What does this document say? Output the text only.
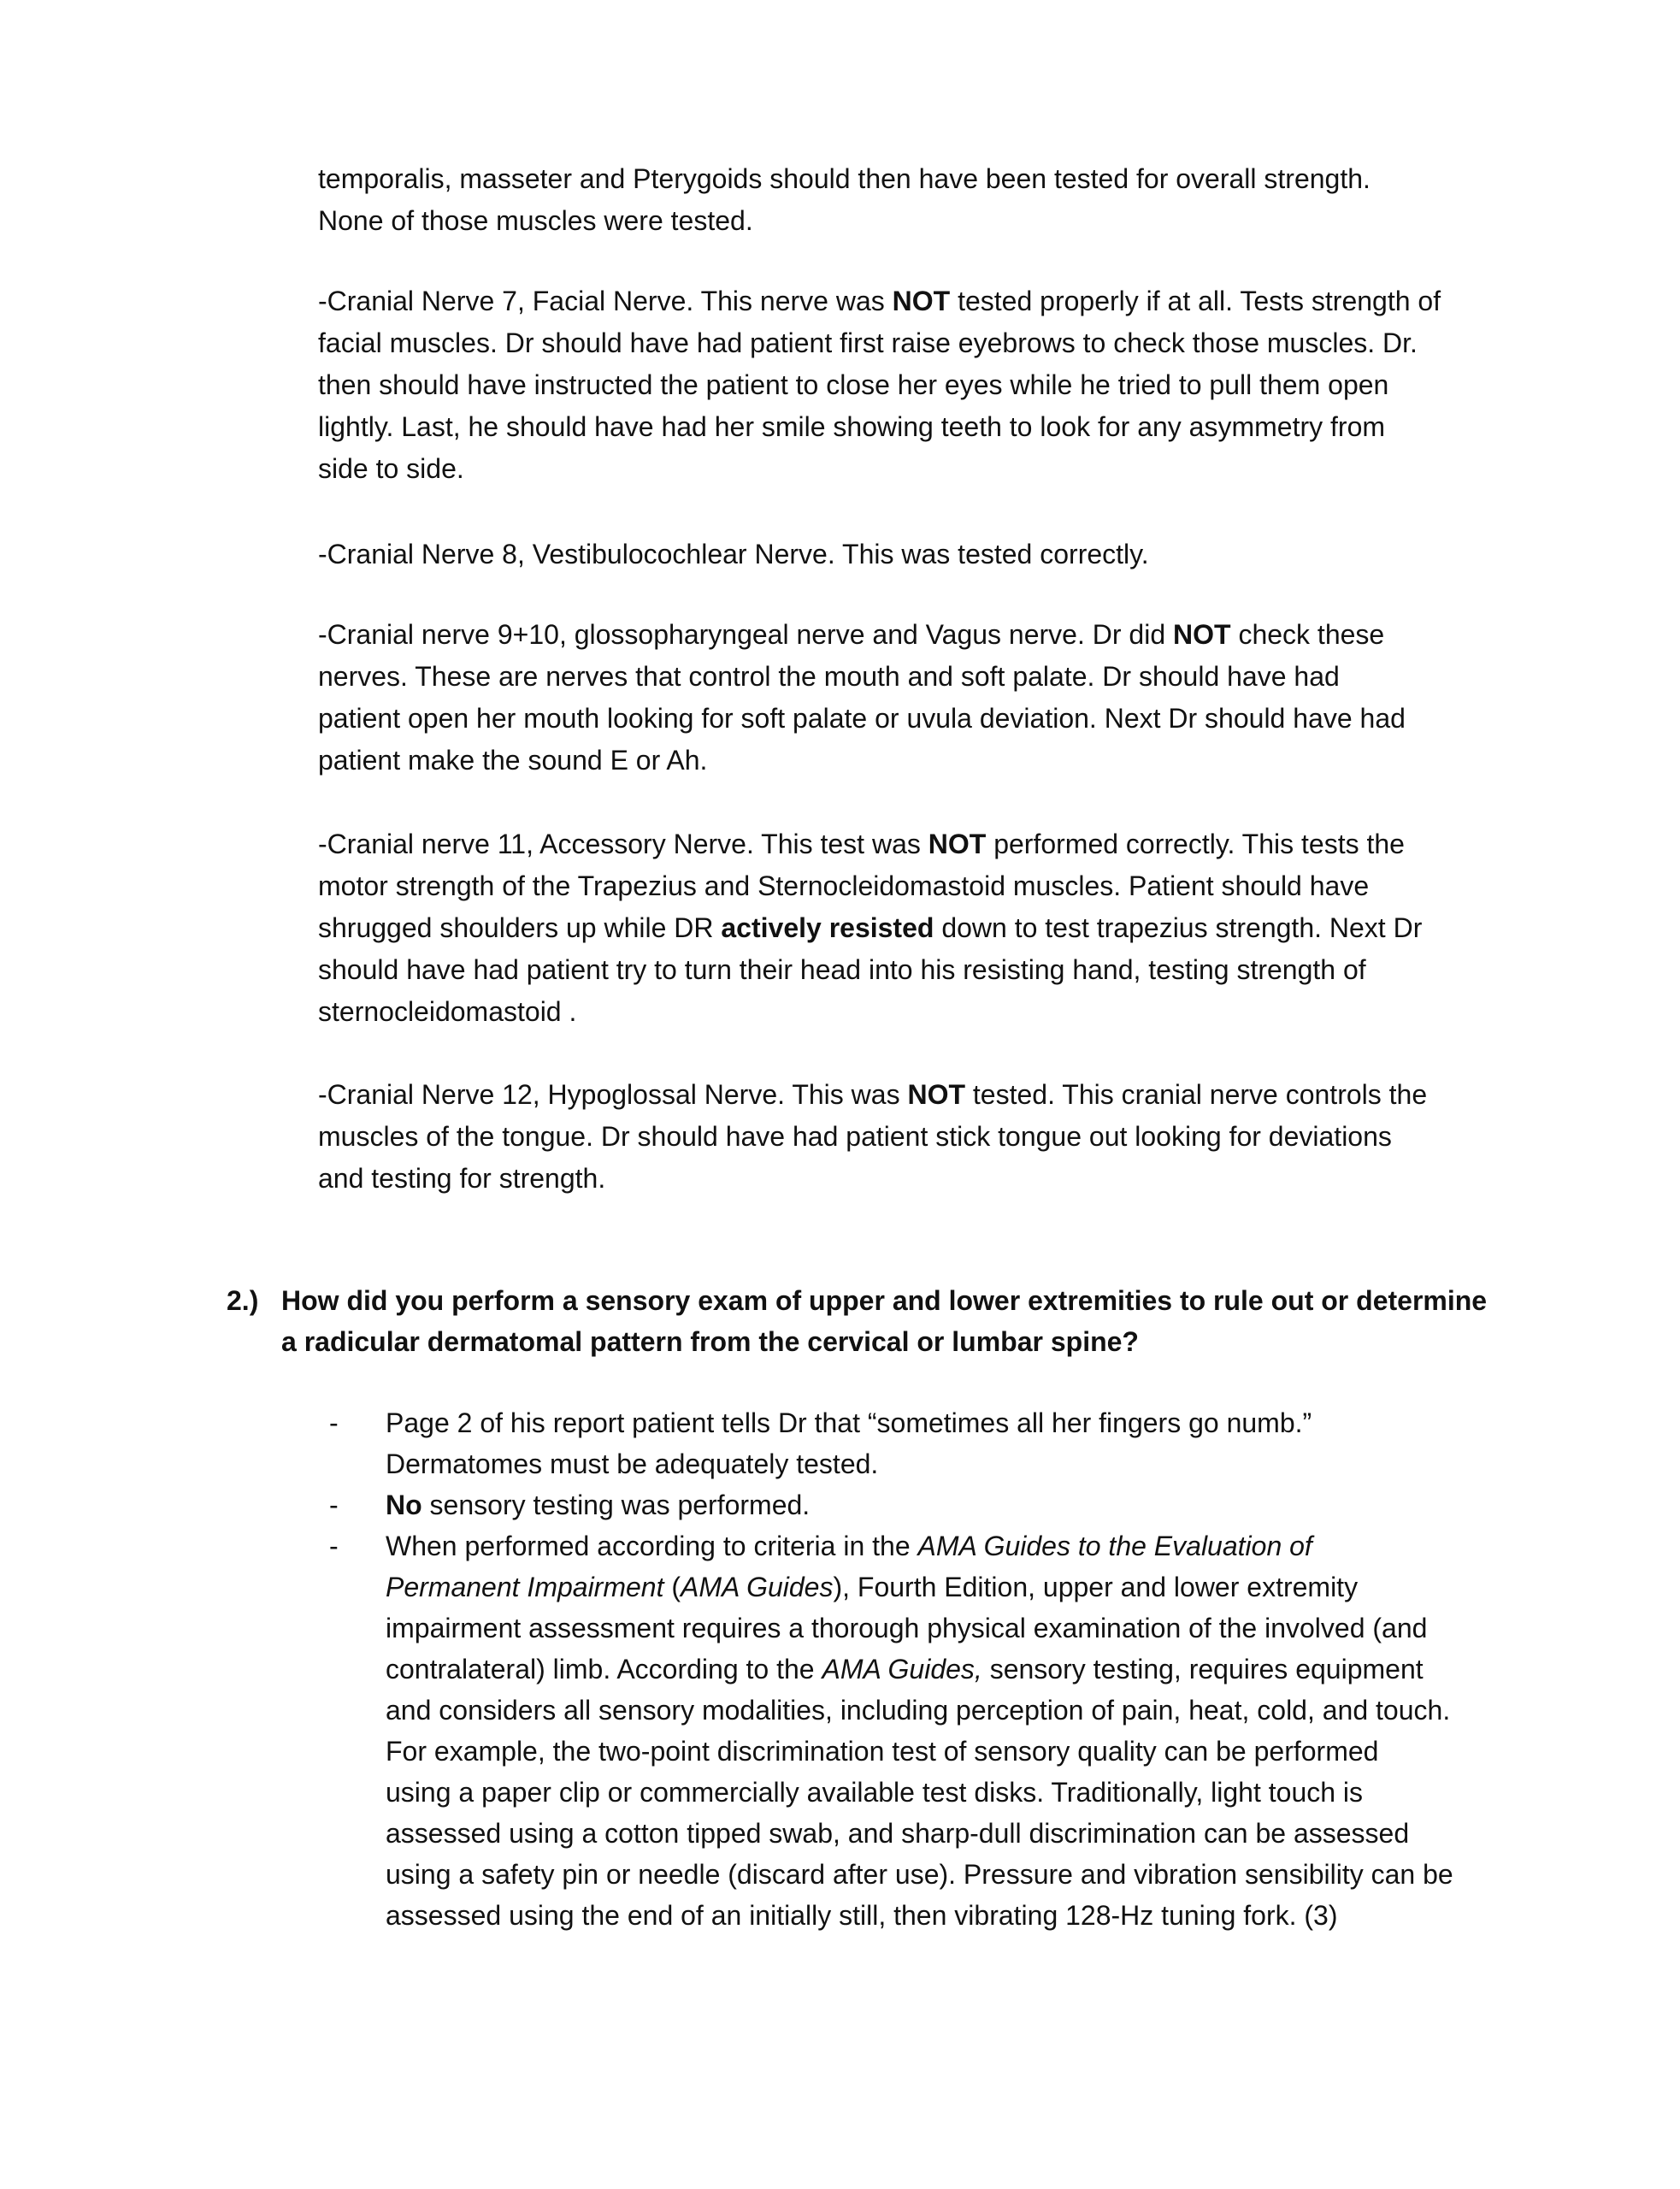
temporalis, masseter and Pterygoids should then have been tested for overall strength.
None of those muscles were tested.
-Cranial Nerve 7, Facial Nerve. This nerve was NOT tested properly if at all. Tests strength of
facial muscles. Dr should have had patient first raise eyebrows to check those muscles. Dr.
then should have instructed the patient to close her eyes while he tried to pull them open
lightly. Last, he should have had her smile showing teeth to look for any asymmetry from
side to side.
-Cranial Nerve 8, Vestibulocochlear Nerve. This was tested correctly.
-Cranial nerve 9+10, glossopharyngeal nerve and Vagus nerve. Dr did NOT check these
nerves. These are nerves that control the mouth and soft palate. Dr should have had
patient open her mouth looking for soft palate or uvula deviation. Next Dr should have had
patient make the sound E or Ah.
-Cranial nerve 11, Accessory Nerve. This test was NOT performed correctly. This tests the
motor strength of the Trapezius and Sternocleidomastoid muscles. Patient should have
shrugged shoulders up while DR actively resisted down to test trapezius strength. Next Dr
should have had patient try to turn their head into his resisting hand, testing strength of
sternocleidomastoid .
-Cranial Nerve 12, Hypoglossal Nerve. This was NOT tested. This cranial nerve controls the
muscles of the tongue. Dr should have had patient stick tongue out looking for deviations
and testing for strength.
2.) How did you perform a sensory exam of upper and lower extremities to rule out or determine
a radicular dermatomal pattern from the cervical or lumbar spine?
- Page 2 of his report patient tells Dr that “sometimes all her fingers go numb.”
Dermatomes must be adequately tested.
- No sensory testing was performed.
- When performed according to criteria in the AMA Guides to the Evaluation of
Permanent Impairment (AMA Guides), Fourth Edition, upper and lower extremity
impairment assessment requires a thorough physical examination of the involved (and
contralateral) limb. According to the AMA Guides, sensory testing, requires equipment
and considers all sensory modalities, including perception of pain, heat, cold, and touch.
For example, the two-point discrimination test of sensory quality can be performed
using a paper clip or commercially available test disks. Traditionally, light touch is
assessed using a cotton tipped swab, and sharp-dull discrimination can be assessed
using a safety pin or needle (discard after use). Pressure and vibration sensibility can be
assessed using the end of an initially still, then vibrating 128-Hz tuning fork. (3)
